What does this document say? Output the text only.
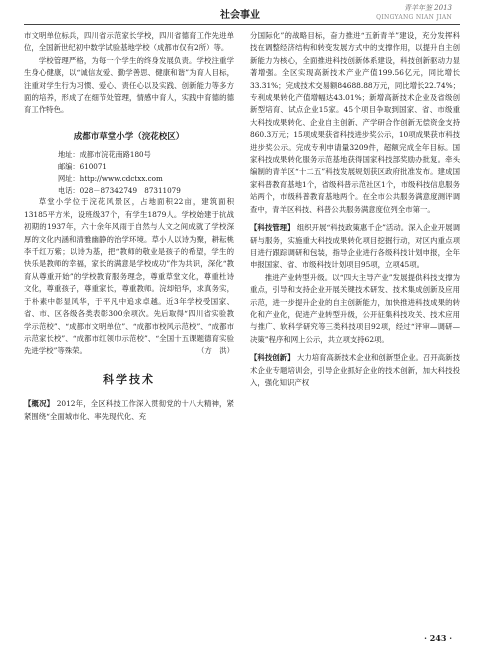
社会事业
青羊年鉴 2013
QINGYANG NIAN JIAN

市文明单位标兵，四川省示范家长学校，四川省德育工作先进单位，全国新世纪初中数学试验基地学校（成都市仅有2所）等。

学校管理严格，为每一个学生的终身发展负责。学校注重学生身心健康，以“诚信友爱、勤学善思、健康和谐”为育人目标，注重对学生行为习惯、爱心、责任心以及实践、创新能力等多方面的培养，形成了在细节处管理，情感中育人，实践中育德的德育工作特色。

成都市草堂小学（浣花校区）
地址：成都市浣花南路180号
邮编：610071
网址：http://www.cdctxx.com
电话：028－87342749　87311079

草堂小学位于浣花风景区，占地面积22亩，建筑面积13185平方米，设班级37个，有学生1879人。学校始建于抗战初期的1937年，六十余年风雨于自然与人文之间成就了学校深厚的文化内涵和清雅幽静的治学环境。草小人以诗为聚，耕耘桃李千红万紫；以诗为基，把“教师的敬业是孩子的希望，学生的快乐是教师的幸福，家长的满意是学校成功”作为共识，深化“教育从尊重开始”的学校教育服务理念，尊重草堂文化，尊重杜诗文化，尊重孩子，尊重家长，尊重教师。浣却铅华，求真务实，于朴素中彰显风华，于平凡中追求卓越。近3年学校受国家、省、市、区各级各类表彰300余项次。先后取得“四川省实验教学示范校”、“成都市文明单位”、“成都市校风示范校”、“成都市示范家长校”、“成都市红领巾示范校”、“全国十五课题德育实验先进学校”等殊荣。	（方　洪）

科学技术

【概况】 2012年，全区科技工作深入贯彻党的十八大精神，紧紧围绕“全面城市化、率先现代化、充

分国际化”的战略目标，奋力推进“五新青羊”建设，充分发挥科技在调整经济结构和转变发展方式中的支撑作用，以提升自主创新能力为核心，全面推进科技创新体系建设，科技创新驱动力显著增强。全区实现高新技术产业产值199.56亿元，同比增长33.31%；完成技术交易额84688.88万元，同比增长22.74%；专利成果转化产值增幅达43.01%；新增高新技术企业及省级创新型培育、试点企业15家。45个项目争取到国家、省、市级重大科技成果转化、企业自主创新、产学研合作创新无偿资金支持860.3万元；15项成果获省科技进步奖公示，10项成果获市科技进步奖公示。完成专利申请量3209件，超额完成全年目标。国家科技成果转化服务示范基地获得国家科技部奖励办批复。牵头编制的青羊区“十二五”科技发展规划获区政府批准发布。建成国家科普教育基地1个，省级科普示范社区1个，市级科技信息服务站两个，市级科普教育基地两个。在全市公共服务满意度测评调查中，青羊区科技、科普公共服务满意度位列全市第一。

【科技管理】 组织开展“科技政策惠千企”活动。深入企业开展调研与服务，实施重大科技成果转化项目挖掘行动，对区内重点项目进行跟踪调研和包装，指导企业进行各级科技计划申报，全年申报国家、省、市级科技计划项目95项，立项45项。

推进产业转型升级。以“四大主导产业”发展提供科技支撑为重点，引导和支持企业开展关键技术研发、技术集成创新及应用示范，进一步提升企业的自主创新能力，加快推进科技成果的转化和产业化，促进产业转型升级，公开征集科技攻关、技术应用与推广、软科学研究等三类科技项目92项，经过“评审—调研—决策”程序和网上公示，共立项支持62项。

【科技创新】 大力培育高新技术企业和创新型企业。召开高新技术企业专题培训会，引导企业抓好企业的技术创新，加大科技投入，强化知识产权

· 243 ·
